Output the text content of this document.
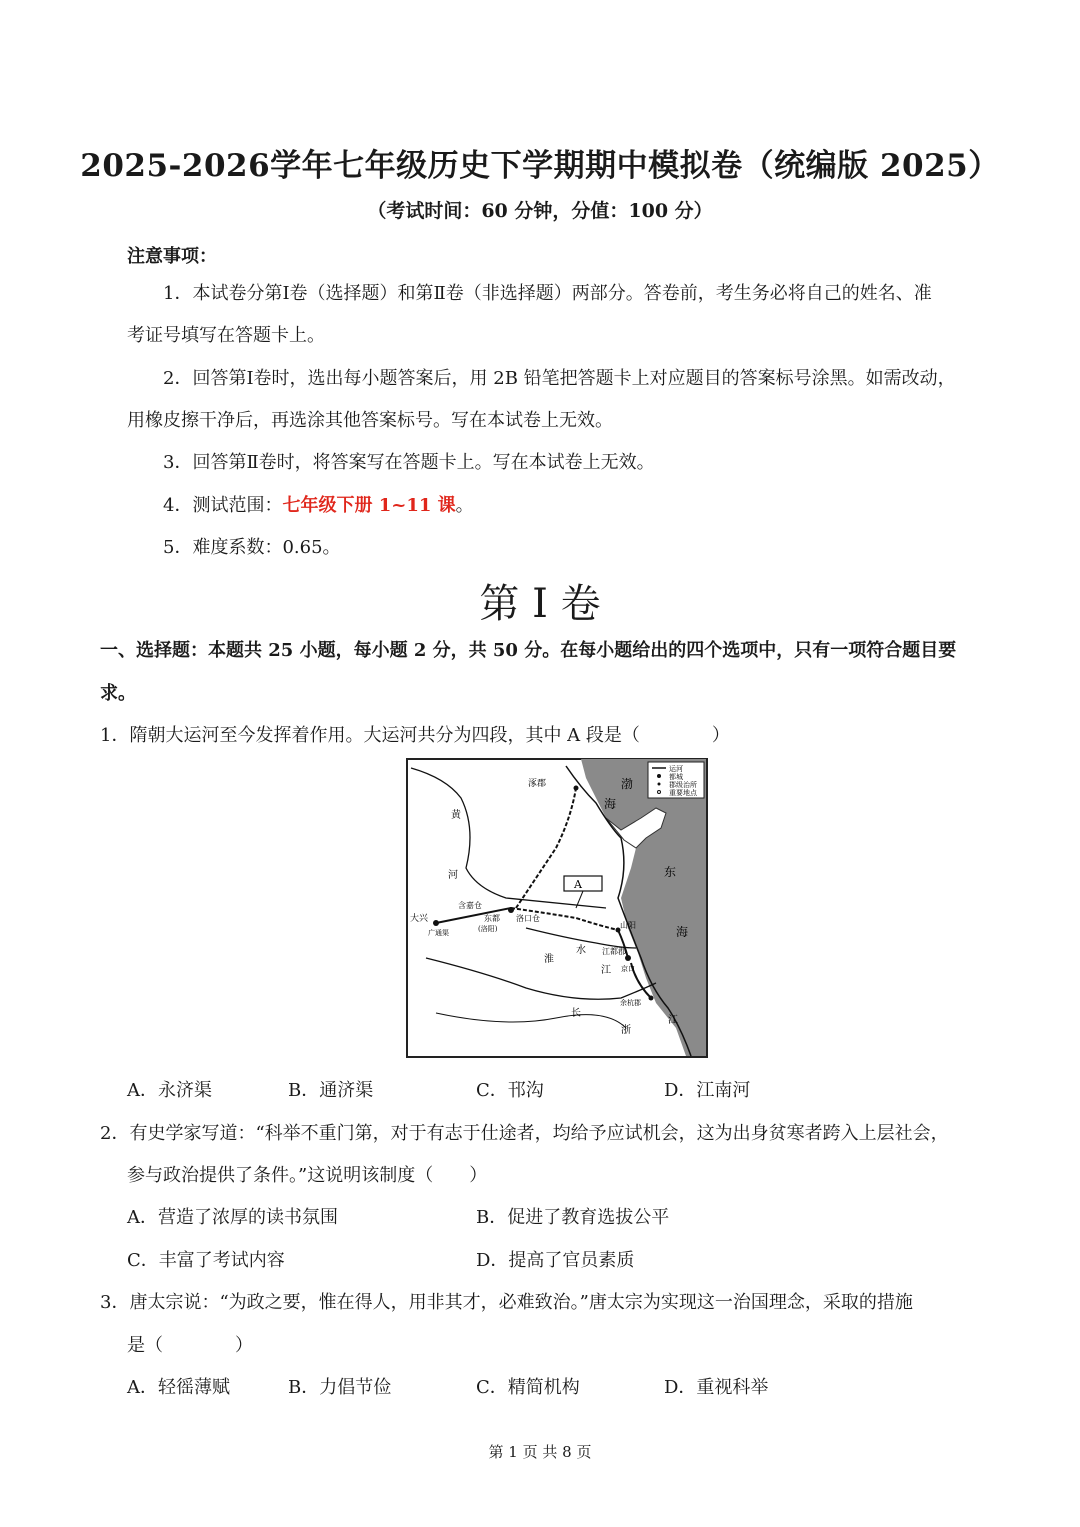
2025-2026学年七年级历史下学期期中模拟卷（统编版 2025）
（考试时间：60 分钟，分值：100 分）
注意事项：
1．本试卷分第Ⅰ卷（选择题）和第Ⅱ卷（非选择题）两部分。答卷前，考生务必将自己的姓名、准
考证号填写在答题卡上。
2．回答第Ⅰ卷时，选出每小题答案后，用 2B 铅笔把答题卡上对应题目的答案标号涂黑。如需改动，
用橡皮擦干净后，再选涂其他答案标号。写在本试卷上无效。
3．回答第Ⅱ卷时，将答案写在答题卡上。写在本试卷上无效。
4．测试范围：七年级下册 1~11 课。
5．难度系数：0.65。
第 I 卷
一、选择题：本题共 25 小题，每小题 2 分，共 50 分。在每小题给出的四个选项中，只有一项符合题目要
求。
1．隋朝大运河至今发挥着作用。大运河共分为四段，其中 A 段是（　　　　）
运河
都城
郡级治所
重要地点
渤
海
东
海
黄
河
淮
水
长
江
江
浙
涿郡
大兴
广通渠
含嘉仓
东都
(洛阳)
洛口仓
山阳
江都郡
京口
余杭郡
A
A．永济渠	B．通济渠	C．邗沟	D．江南河
2．有史学家写道：“科举不重门第，对于有志于仕途者，均给予应试机会，这为出身贫寒者跨入上层社会，
参与政治提供了条件。”这说明该制度（　　）
A．营造了浓厚的读书氛围	B．促进了教育选拔公平
C．丰富了考试内容	D．提高了官员素质
3．唐太宗说：“为政之要，惟在得人，用非其才，必难致治。”唐太宗为实现这一治国理念，采取的措施
是（　　　　）
A．轻徭薄赋	B．力倡节俭	C．精简机构	D．重视科举
第 1 页 共 8 页
